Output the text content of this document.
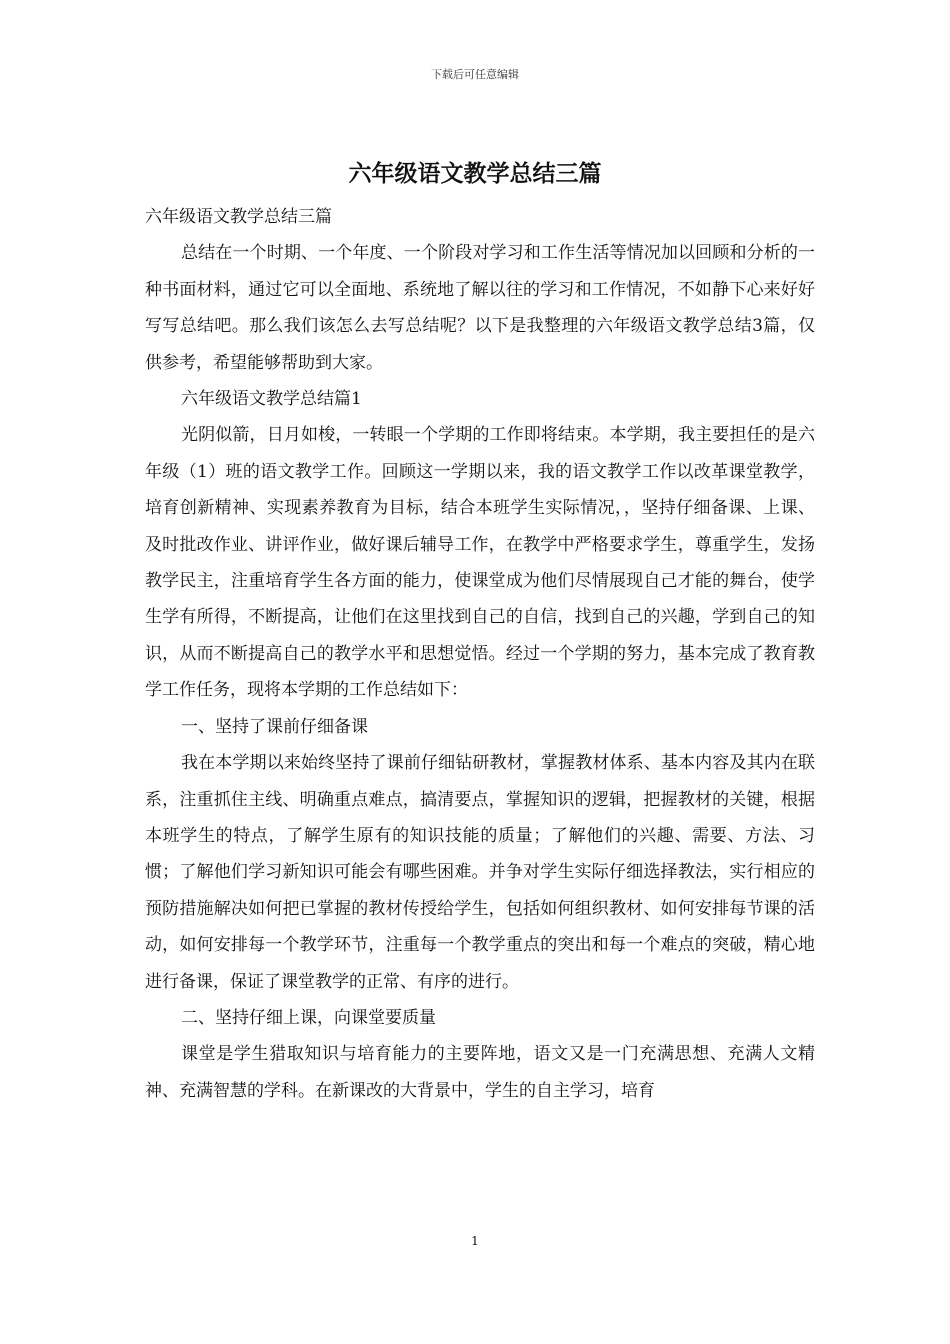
下载后可任意编辑
六年级语文教学总结三篇

六年级语文教学总结三篇

总结在一个时期、一个年度、一个阶段对学习和工作生活等情况加以回顾和分析的一种书面材料，通过它可以全面地、系统地了解以往的学习和工作情况，不如静下心来好好写写总结吧。那么我们该怎么去写总结呢？以下是我整理的六年级语文教学总结3篇，仅供参考，希望能够帮助到大家。

六年级语文教学总结篇1

光阴似箭，日月如梭，一转眼一个学期的工作即将结束。本学期，我主要担任的是六年级（1）班的语文教学工作。回顾这一学期以来，我的语文教学工作以改革课堂教学，培育创新精神、实现素养教育为目标，结合本班学生实际情况，，坚持仔细备课、上课、及时批改作业、讲评作业，做好课后辅导工作，在教学中严格要求学生，尊重学生，发扬教学民主，注重培育学生各方面的能力，使课堂成为他们尽情展现自己才能的舞台，使学生学有所得，不断提高，让他们在这里找到自己的自信，找到自己的兴趣，学到自己的知识，从而不断提高自己的教学水平和思想觉悟。经过一个学期的努力，基本完成了教育教学工作任务，现将本学期的工作总结如下：

一、坚持了课前仔细备课

我在本学期以来始终坚持了课前仔细钻研教材，掌握教材体系、基本内容及其内在联系，注重抓住主线、明确重点难点，搞清要点，掌握知识的逻辑，把握教材的关键，根据本班学生的特点，了解学生原有的知识技能的质量；了解他们的兴趣、需要、方法、习惯；了解他们学习新知识可能会有哪些困难。并争对学生实际仔细选择教法，实行相应的预防措施解决如何把已掌握的教材传授给学生，包括如何组织教材、如何安排每节课的活动，如何安排每一个教学环节，注重每一个教学重点的突出和每一个难点的突破，精心地进行备课，保证了课堂教学的正常、有序的进行。

二、坚持仔细上课，向课堂要质量

课堂是学生猎取知识与培育能力的主要阵地，语文又是一门充满思想、充满人文精神、充满智慧的学科。在新课改的大背景中，学生的自主学习，培育

1
